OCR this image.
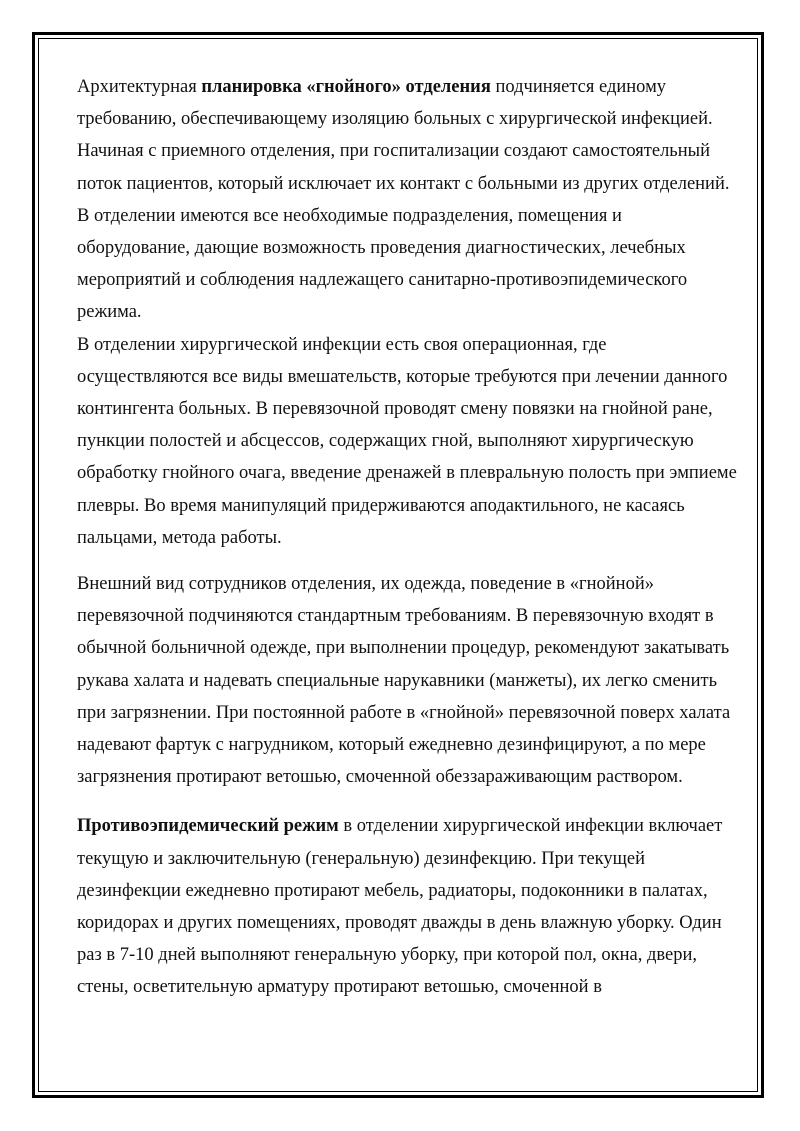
Архитектурная планировка «гнойного» отделения подчиняется единому требованию, обеспечивающему изоляцию больных с хирургической инфекцией. Начиная с приемного отделения, при госпитализации создают самостоятельный поток пациентов, который исключает их контакт с больными из других отделений. В отделении имеются все необходимые подразделения, помещения и оборудование, дающие возможность проведения диагностических, лечебных мероприятий и соблюдения надлежащего санитарно-противоэпидемического режима.

В отделении хирургической инфекции есть своя операционная, где осуществляются все виды вмешательств, которые требуются при лечении данного контингента больных. В перевязочной проводят смену повязки на гнойной ране, пункции полостей и абсцессов, содержащих гной, выполняют хирургическую обработку гнойного очага, введение дренажей в плевральную полость при эмпиеме плевры. Во время манипуляций придерживаются аподактильного, не касаясь пальцами, метода работы.

Внешний вид сотрудников отделения, их одежда, поведение в «гнойной» перевязочной подчиняются стандартным требованиям. В перевязочную входят в обычной больничной одежде, при выполнении процедур, рекомендуют закатывать рукава халата и надевать специальные нарукавники (манжеты), их легко сменить при загрязнении. При постоянной работе в «гнойной» перевязочной поверх халата надевают фартук с нагрудником, который ежедневно дезинфицируют, а по мере загрязнения протирают ветошью, смоченной обеззараживающим раствором.

Противоэпидемический режим в отделении хирургической инфекции включает текущую и заключительную (генеральную) дезинфекцию. При текущей дезинфекции ежедневно протирают мебель, радиаторы, подоконники в палатах, коридорах и других помещениях, проводят дважды в день влажную уборку. Один раз в 7-10 дней выполняют генеральную уборку, при которой пол, окна, двери, стены, осветительную арматуру протирают ветошью, смоченной в
